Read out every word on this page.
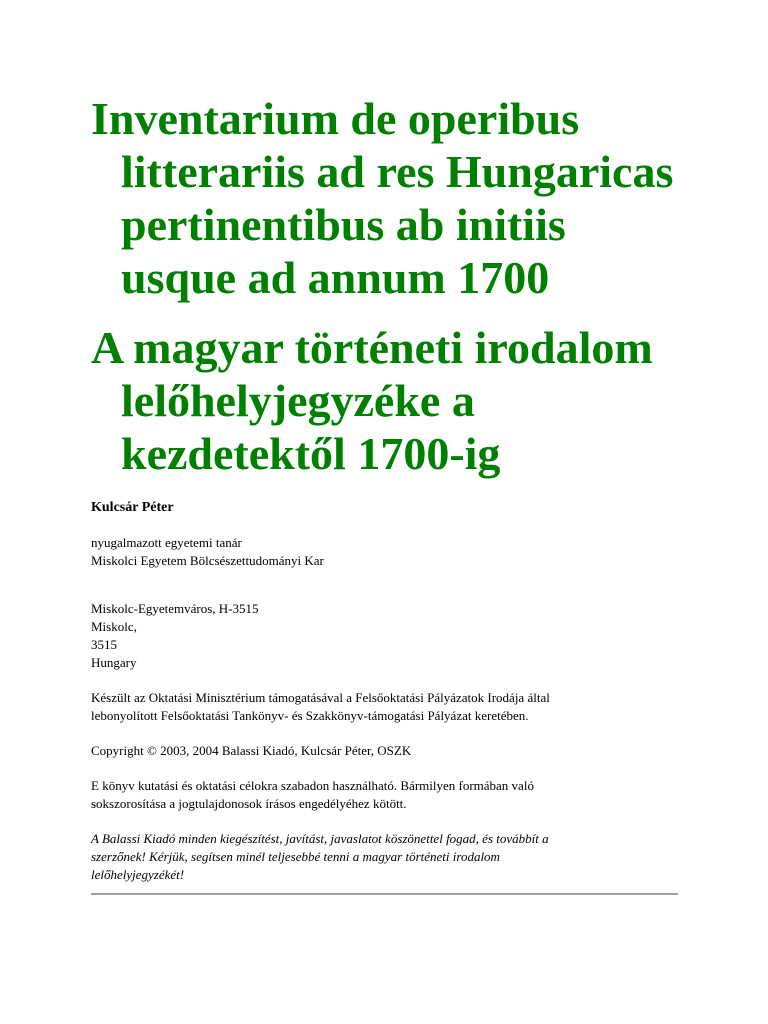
Inventarium de operibus litterariis ad res Hungaricas pertinentibus ab initiis usque ad annum 1700
A magyar történeti irodalom lelőhelyjegyzéke a kezdetektől 1700-ig
Kulcsár Péter
nyugalmazott egyetemi tanár
Miskolci Egyetem Bölcsészettudományi Kar
Miskolc-Egyetemváros, H-3515
Miskolc,
3515
Hungary
Készült az Oktatási Minisztérium támogatásával a Felsőoktatási Pályázatok Irodája által
lebonyolított Felsőoktatási Tankönyv- és Szakkönyv-támogatási Pályázat keretében.
Copyright © 2003, 2004 Balassi Kiadó, Kulcsár Péter, OSZK
E könyv kutatási és oktatási célokra szabadon használható. Bármilyen formában való
sokszorosítása a jogtulajdonosok írásos engedélyéhez kötött.
A Balassi Kiadó minden kiegészítést, javítást, javaslatot köszönettel fogad, és továbbít a
szerzőnek! Kérjük, segítsen minél teljesebbé tenni a magyar történeti irodalom
lelőhelyjegyzékét!
